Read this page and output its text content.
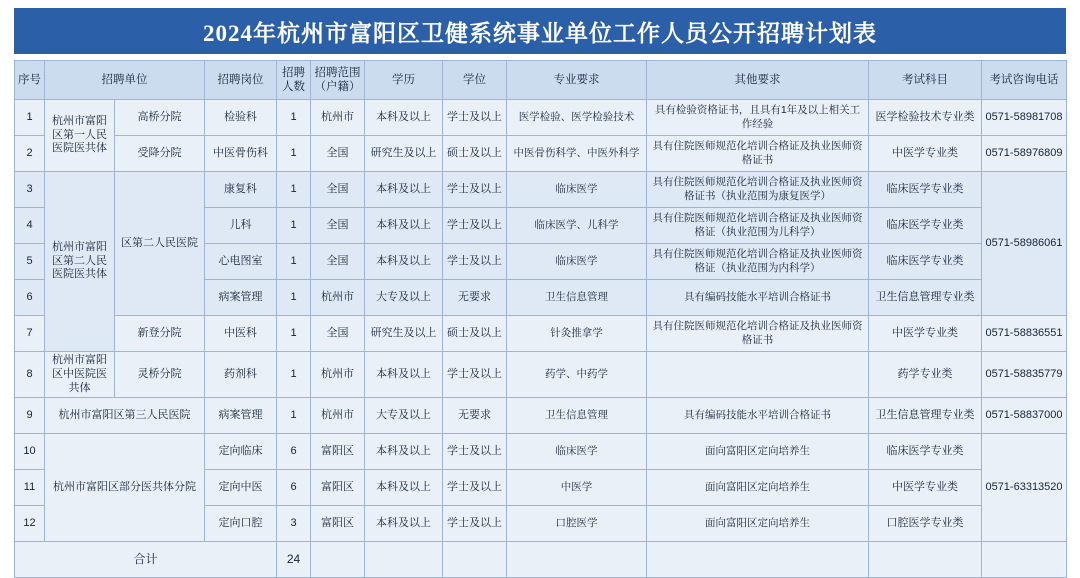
2024年杭州市富阳区卫健系统事业单位工作人员公开招聘计划表
序号	招聘单位		招聘岗位	招聘人数	招聘范围（户籍）	学历	学位	专业要求	其他要求	考试科目	考试咨询电话
1	杭州市富阳区第一人民医院医共体	高桥分院	检验科	1	杭州市	本科及以上	学士及以上	医学检验、医学检验技术	具有检验资格证书，且具有1年及以上相关工作经验	医学检验技术专业类	0571-58981708
2		受降分院	中医骨伤科	1	全国	研究生及以上	硕士及以上	中医骨伤科学、中医外科学	具有住院医师规范化培训合格证及执业医师资格证书	中医学专业类	0571-58976809
3	杭州市富阳区第二人民医院医共体	区第二人民医院	康复科	1	全国	本科及以上	学士及以上	临床医学	具有住院医师规范化培训合格证及执业医师资格证书（执业范围为康复医学）	临床医学专业类	0571-58986061
4			儿科	1	全国	本科及以上	学士及以上	临床医学、儿科学	具有住院医师规范化培训合格证及执业医师资格证（执业范围为儿科学）	临床医学专业类	
5			心电图室	1	全国	本科及以上	学士及以上	临床医学	具有住院医师规范化培训合格证及执业医师资格证（执业范围为内科学）	临床医学专业类	
6			病案管理	1	杭州市	大专及以上	无要求	卫生信息管理	具有编码技能水平培训合格证书	卫生信息管理专业类	
7		新登分院	中医科	1	全国	研究生及以上	硕士及以上	针灸推拿学	具有住院医师规范化培训合格证及执业医师资格证书	中医学专业类	0571-58836551
8	杭州市富阳区中医院医共体	灵桥分院	药剂科	1	杭州市	本科及以上	学士及以上	药学、中药学		药学专业类	0571-58835779
9	杭州市富阳区第三人民医院		病案管理	1	杭州市	大专及以上	无要求	卫生信息管理	具有编码技能水平培训合格证书	卫生信息管理专业类	0571-58837000
10	杭州市富阳区部分医共体分院		定向临床	6	富阳区	本科及以上	学士及以上	临床医学	面向富阳区定向培养生	临床医学专业类	0571-63313520
11			定向中医	6	富阳区	本科及以上	学士及以上	中医学	面向富阳区定向培养生	中医学专业类	
12			定向口腔	3	富阳区	本科及以上	学士及以上	口腔医学	面向富阳区定向培养生	口腔医学专业类	
合计				24							
